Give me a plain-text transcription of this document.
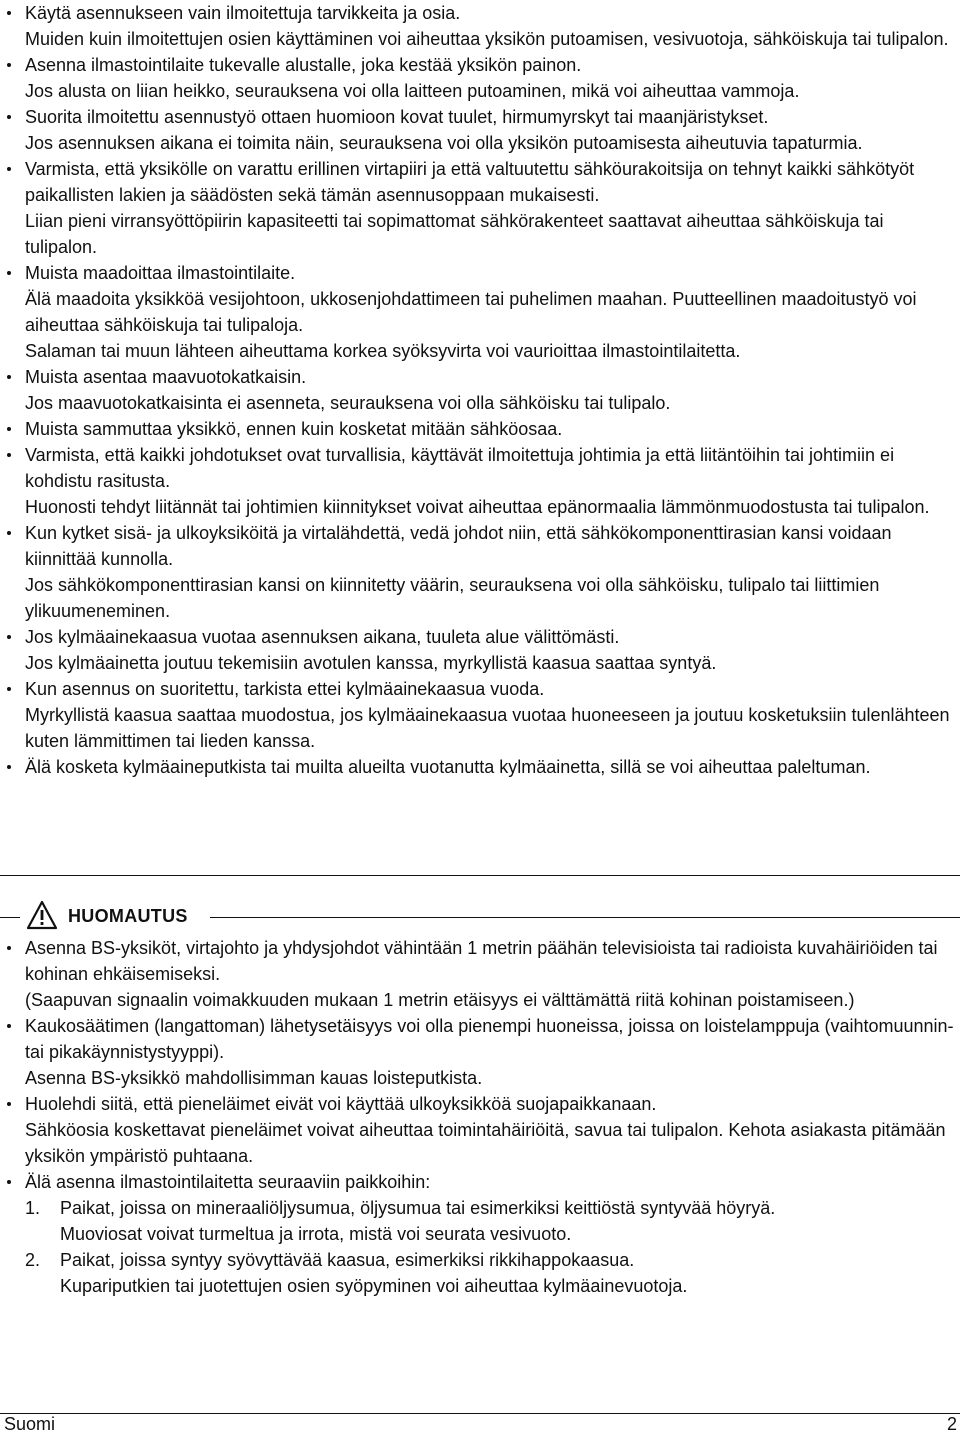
Käytä asennukseen vain ilmoitettuja tarvikkeita ja osia.

Muiden kuin ilmoitettujen osien käyttäminen voi aiheuttaa yksikön putoamisen, vesivuotoja, sähköiskuja tai tulipalon.

Asenna ilmastointilaite tukevalle alustalle, joka kestää yksikön painon.

Jos alusta on liian heikko, seurauksena voi olla laitteen putoaminen, mikä voi aiheuttaa vammoja.

Suorita ilmoitettu asennustyö ottaen huomioon kovat tuulet, hirmumyrskyt tai maanjäristykset.

Jos asennuksen aikana ei toimita näin, seurauksena voi olla yksikön putoamisesta aiheutuvia tapaturmia.

Varmista, että yksikölle on varattu erillinen virtapiiri ja että valtuutettu sähköurakoitsija on tehnyt kaikki sähkötyöt paikallisten lakien ja säädösten sekä tämän asennusoppaan mukaisesti.

Liian pieni virransyöttöpiirin kapasiteetti tai sopimattomat sähkörakenteet saattavat aiheuttaa sähköiskuja tai tulipalon.

Muista maadoittaa ilmastointilaite.

Älä maadoita yksikköä vesijohtoon, ukkosenjohdattimeen tai puhelimen maahan. Puutteellinen maadoitustyö voi aiheuttaa sähköiskuja tai tulipaloja.

Salaman tai muun lähteen aiheuttama korkea syöksyvirta voi vaurioittaa ilmastointilaitetta.

Muista asentaa maavuotokatkaisin.

Jos maavuotokatkaisinta ei asenneta, seurauksena voi olla sähköisku tai tulipalo.

Muista sammuttaa yksikkö, ennen kuin kosketat mitään sähköosaa.

Varmista, että kaikki johdotukset ovat turvallisia, käyttävät ilmoitettuja johtimia ja että liitäntöihin tai johtimiin ei kohdistu rasitusta.

Huonosti tehdyt liitännät tai johtimien kiinnitykset voivat aiheuttaa epänormaalia lämmönmuodostusta tai tulipalon.

Kun kytket sisä- ja ulkoyksiköitä ja virtalähdettä, vedä johdot niin, että sähkökomponenttirasian kansi voidaan kiinnittää kunnolla.

Jos sähkökomponenttirasian kansi on kiinnitetty väärin, seurauksena voi olla sähköisku, tulipalo tai liittimien ylikuumeneminen.

Jos kylmäainekaasua vuotaa asennuksen aikana, tuuleta alue välittömästi.

Jos kylmäainetta joutuu tekemisiin avotulen kanssa, myrkyllistä kaasua saattaa syntyä.

Kun asennus on suoritettu, tarkista ettei kylmäainekaasua vuoda.

Myrkyllistä kaasua saattaa muodostua, jos kylmäainekaasua vuotaa huoneeseen ja joutuu kosketuksiin tulenlähteen kuten lämmittimen tai lieden kanssa.

Älä kosketa kylmäaineputkista tai muilta alueilta vuotanutta kylmäainetta, sillä se voi aiheuttaa paleltuman.

HUOMAUTUS

Asenna BS-yksiköt, virtajohto ja yhdysjohdot vähintään 1 metrin päähän televisioista tai radioista kuvahäiriöiden tai kohinan ehkäisemiseksi.

(Saapuvan signaalin voimakkuuden mukaan 1 metrin etäisyys ei välttämättä riitä kohinan poistamiseen.)

Kaukosäätimen (langattoman) lähetysetäisyys voi olla pienempi huoneissa, joissa on loistelamppuja (vaihtomuunnin- tai pikakäynnistystyyppi).

Asenna BS-yksikkö mahdollisimman kauas loisteputkista.

Huolehdi siitä, että pieneläimet eivät voi käyttää ulkoyksikköä suojapaikkanaan.

Sähköosia koskettavat pieneläimet voivat aiheuttaa toimintahäiriöitä, savua tai tulipalon. Kehota asiakasta pitämään yksikön ympäristö puhtaana.

Älä asenna ilmastointilaitetta seuraaviin paikkoihin:

1. Paikat, joissa on mineraaliöljysumua, öljysumua tai esimerkiksi keittiöstä syntyvää höyryä.

Muoviosat voivat turmeltua ja irrota, mistä voi seurata vesivuoto.

2. Paikat, joissa syntyy syövyttävää kaasua, esimerkiksi rikkihappokaasua.

Kupariputkien tai juotettujen osien syöpyminen voi aiheuttaa kylmäainevuotoja.

Suomi	2
